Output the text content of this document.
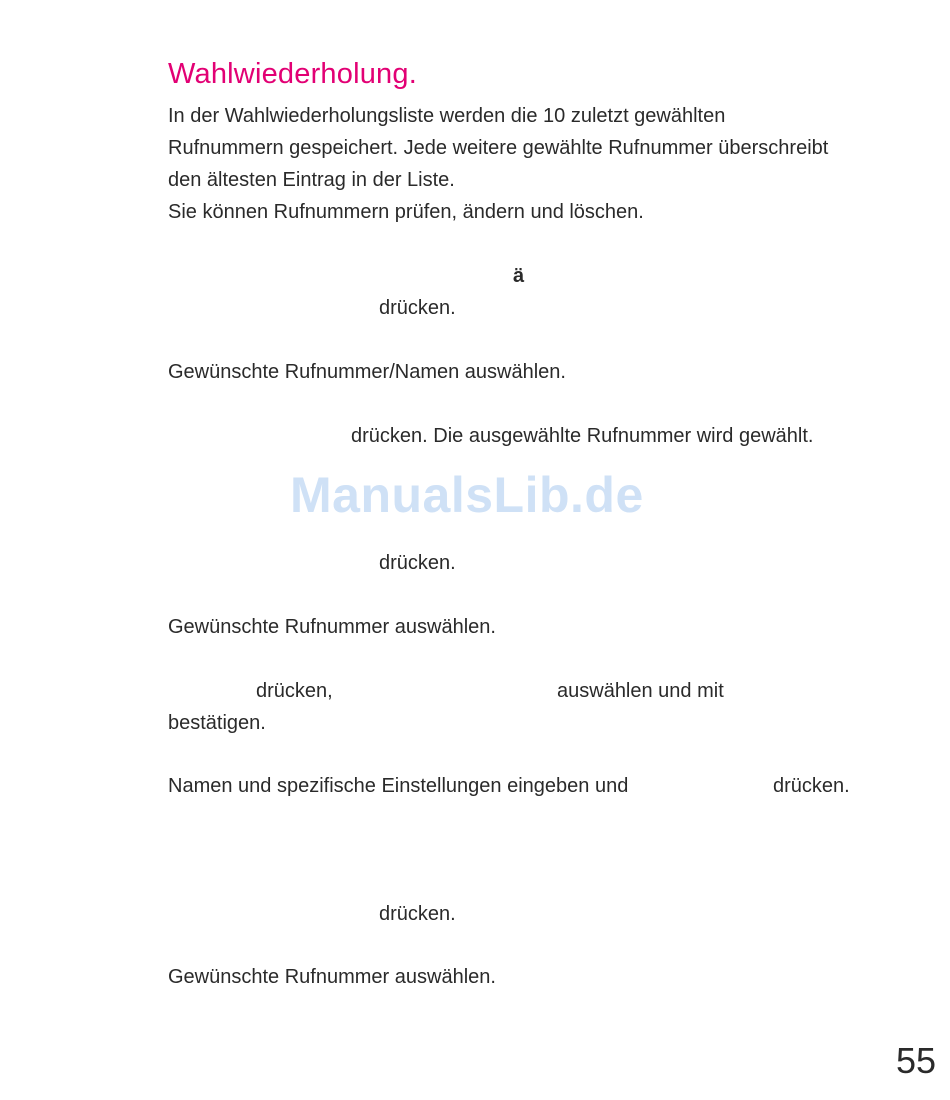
Wahlwiederholung.
In der Wahlwiederholungsliste werden die 10 zuletzt gewählten
Rufnummern gespeichert. Jede weitere gewählte Rufnummer überschreibt
den ältesten Eintrag in der Liste.
Sie können Rufnummern prüfen, ändern und löschen.
ä
drücken.
Gewünschte Rufnummer/Namen auswählen.
drücken. Die ausgewählte Rufnummer wird gewählt.
ManualsLib.de
drücken.
Gewünschte Rufnummer auswählen.
drücken,	auswählen und mit
bestätigen.
Namen und spezifische Einstellungen eingeben und	drücken.
drücken.
Gewünschte Rufnummer auswählen.
55
